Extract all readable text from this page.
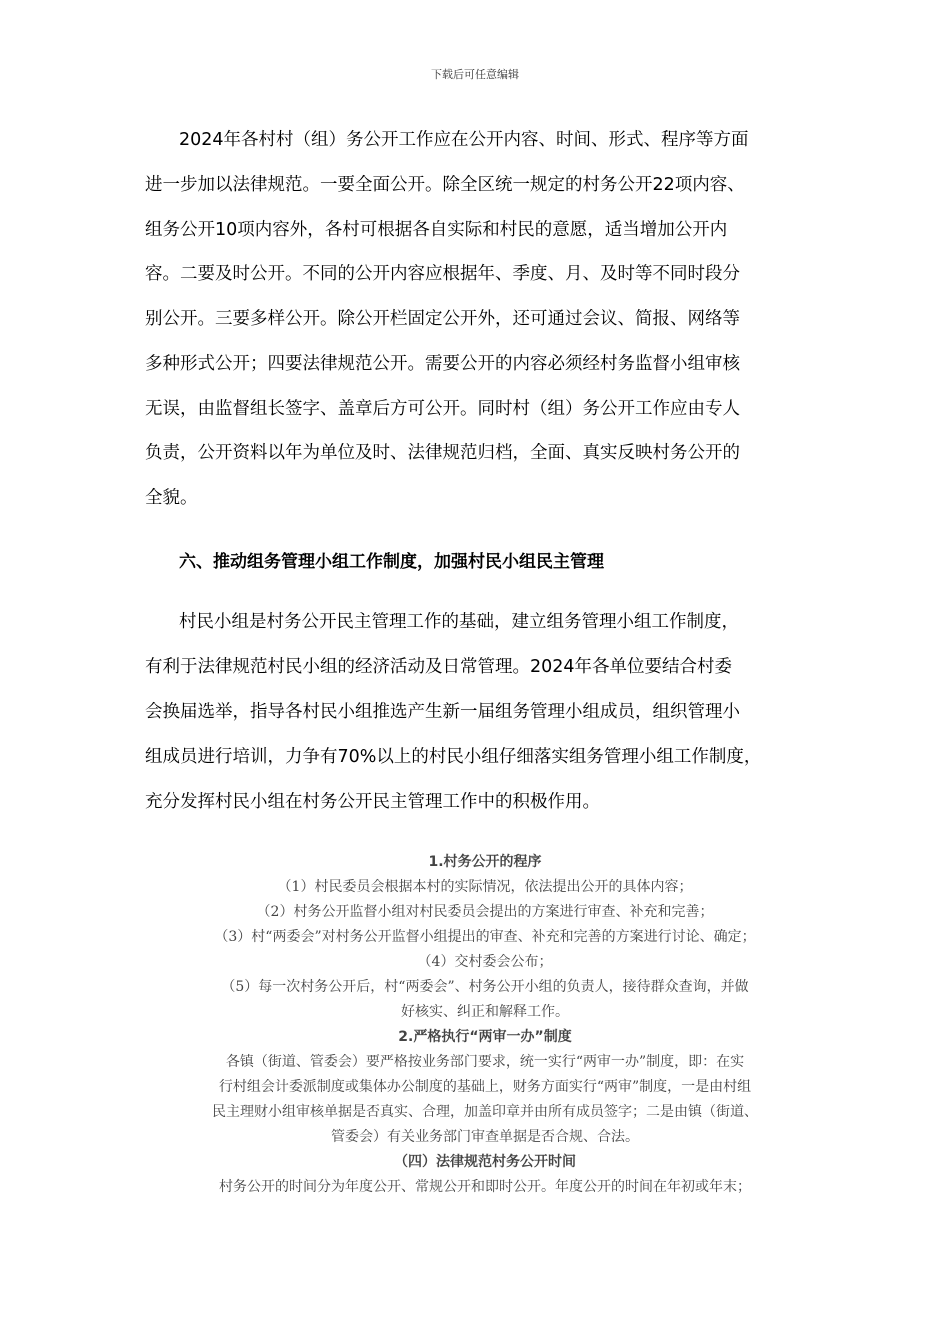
下载后可任意编辑
2024年各村村（组）务公开工作应在公开内容、时间、形式、程序等方面
进一步加以法律规范。一要全面公开。除全区统一规定的村务公开22项内容、
组务公开10项内容外，各村可根据各自实际和村民的意愿，适当增加公开内
容。二要及时公开。不同的公开内容应根据年、季度、月、及时等不同时段分
别公开。三要多样公开。除公开栏固定公开外，还可通过会议、简报、网络等
多种形式公开；四要法律规范公开。需要公开的内容必须经村务监督小组审核
无误，由监督组长签字、盖章后方可公开。同时村（组）务公开工作应由专人
负责，公开资料以年为单位及时、法律规范归档，全面、真实反映村务公开的
全貌。
六、推动组务管理小组工作制度，加强村民小组民主管理
村民小组是村务公开民主管理工作的基础，建立组务管理小组工作制度，
有利于法律规范村民小组的经济活动及日常管理。2024年各单位要结合村委
会换届选举，指导各村民小组推选产生新一届组务管理小组成员，组织管理小
组成员进行培训，力争有70%以上的村民小组仔细落实组务管理小组工作制度，
充分发挥村民小组在村务公开民主管理工作中的积极作用。
1.村务公开的程序
（1）村民委员会根据本村的实际情况，依法提出公开的具体内容；
（2）村务公开监督小组对村民委员会提出的方案进行审查、补充和完善；
（3）村“两委会”对村务公开监督小组提出的审查、补充和完善的方案进行讨论、确定；
（4）交村委会公布；
（5）每一次村务公开后，村“两委会”、村务公开小组的负责人，接待群众查询，并做
好核实、纠正和解释工作。
2.严格执行“两审一办”制度
各镇（街道、管委会）要严格按业务部门要求，统一实行“两审一办”制度，即：在实
行村组会计委派制度或集体办公制度的基础上，财务方面实行“两审”制度，一是由村组
民主理财小组审核单据是否真实、合理，加盖印章并由所有成员签字；二是由镇（街道、
管委会）有关业务部门审查单据是否合规、合法。
（四）法律规范村务公开时间
村务公开的时间分为年度公开、常规公开和即时公开。年度公开的时间在年初或年末；
